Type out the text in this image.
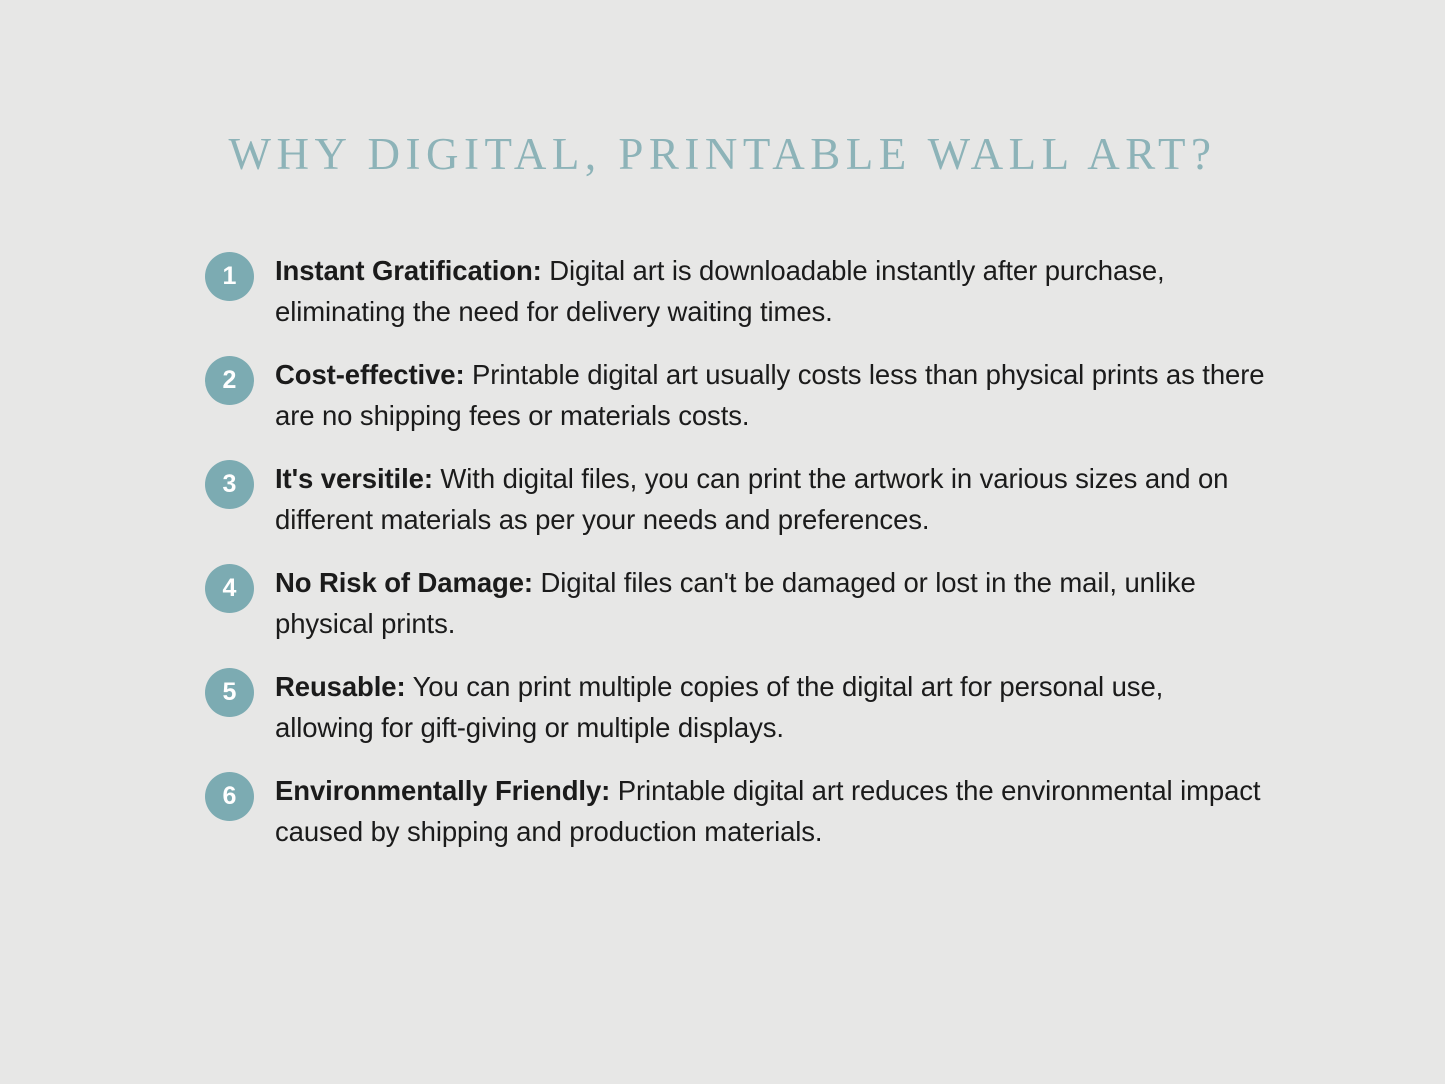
WHY DIGITAL, PRINTABLE WALL ART?
1	Instant Gratification: Digital art is downloadable instantly after purchase, eliminating the need for delivery waiting times.
2	Cost-effective: Printable digital art usually costs less than physical prints as there are no shipping fees or materials costs.
3	It's versitile: With digital files, you can print the artwork in various sizes and on different materials as per your needs and preferences.
4	No Risk of Damage: Digital files can't be damaged or lost in the mail, unlike physical prints.
5	Reusable: You can print multiple copies of the digital art for personal use, allowing for gift-giving or multiple displays.
6	Environmentally Friendly: Printable digital art reduces the environmental impact caused by shipping and production materials.
